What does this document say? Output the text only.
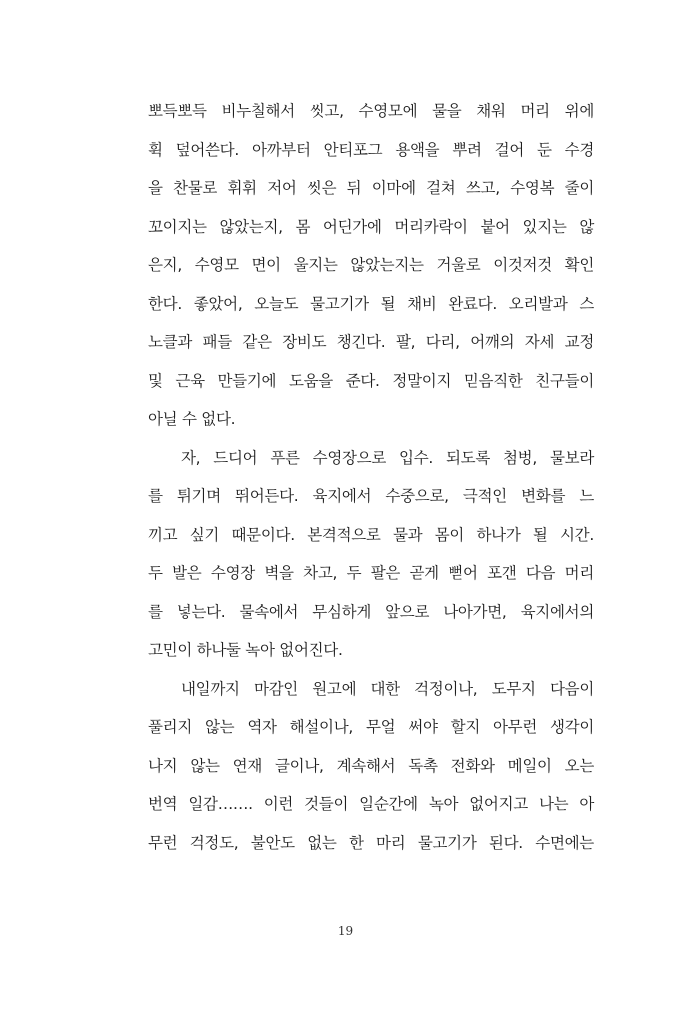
뽀득뽀득 비누칠해서 씻고, 수영모에 물을 채워 머리 위에
휙 덮어쓴다. 아까부터 안티포그 용액을 뿌려 걸어 둔 수경
을 찬물로 휘휘 저어 씻은 뒤 이마에 걸쳐 쓰고, 수영복 줄이
꼬이지는 않았는지, 몸 어딘가에 머리카락이 붙어 있지는 않
은지, 수영모 면이 울지는 않았는지는 거울로 이것저것 확인
한다. 좋았어, 오늘도 물고기가 될 채비 완료다. 오리발과 스
노클과 패들 같은 장비도 챙긴다. 팔, 다리, 어깨의 자세 교정
및 근육 만들기에 도움을 준다. 정말이지 믿음직한 친구들이
아닐 수 없다.
자, 드디어 푸른 수영장으로 입수. 되도록 첨벙, 물보라
를 튀기며 뛰어든다. 육지에서 수중으로, 극적인 변화를 느
끼고 싶기 때문이다. 본격적으로 물과 몸이 하나가 될 시간.
두 발은 수영장 벽을 차고, 두 팔은 곧게 뻗어 포갠 다음 머리
를 넣는다. 물속에서 무심하게 앞으로 나아가면, 육지에서의
고민이 하나둘 녹아 없어진다.
내일까지 마감인 원고에 대한 걱정이나, 도무지 다음이
풀리지 않는 역자 해설이나, 무얼 써야 할지 아무런 생각이
나지 않는 연재 글이나, 계속해서 독촉 전화와 메일이 오는
번역 일감……. 이런 것들이 일순간에 녹아 없어지고 나는 아
무런 걱정도, 불안도 없는 한 마리 물고기가 된다. 수면에는
19
